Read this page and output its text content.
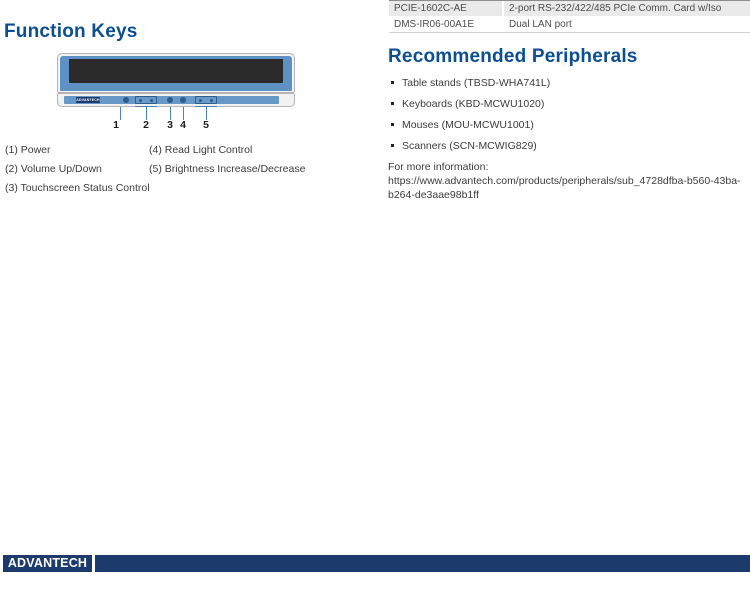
PCIE-1602C-AE	2-port RS-232/422/485 PCIe Comm. Card w/Iso
DMS-IR06-00A1E	Dual LAN port
Function Keys
ADVANTECH
1 2 3 4 5
(1) Power
(2) Volume Up/Down
(3) Touchscreen Status Control
(4) Read Light Control
(5) Brightness Increase/Decrease
Recommended Peripherals
Table stands (TBSD-WHA741L)
Keyboards (KBD-MCWU1020)
Mouses (MOU-MCWU1001)
Scanners (SCN-MCWIG829)
For more information: https://www.advantech.com/products/peripherals/sub_4728dfba-b560-43ba-b264-de3aae98b1ff
ADVANTECH
